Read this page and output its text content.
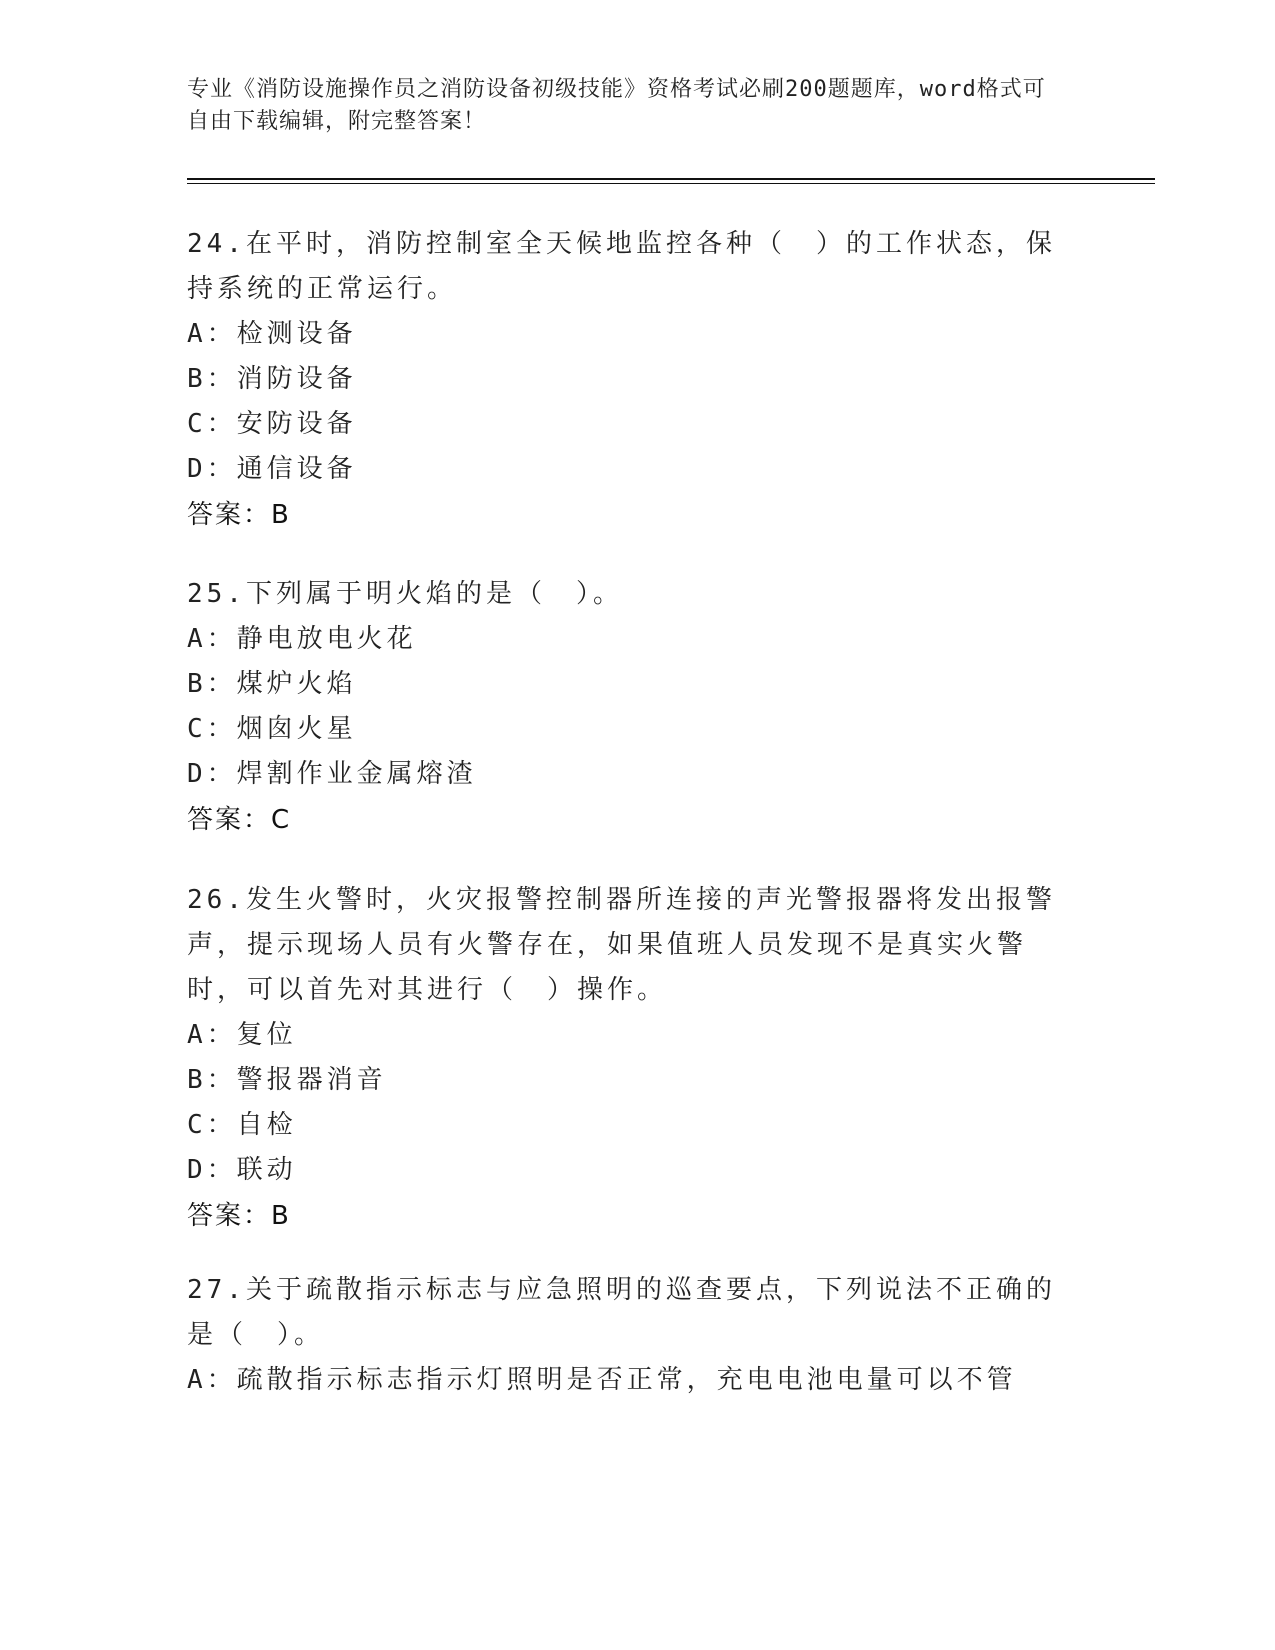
专业《消防设施操作员之消防设备初级技能》资格考试必刷200题题库，word格式可自由下载编辑，附完整答案！

24.在平时，消防控制室全天候地监控各种（　）的工作状态，保持系统的正常运行。

A：检测设备

B：消防设备

C：安防设备

D：通信设备

答案：B

25.下列属于明火焰的是（　）。

A：静电放电火花

B：煤炉火焰

C：烟囱火星

D：焊割作业金属熔渣

答案：C

26.发生火警时，火灾报警控制器所连接的声光警报器将发出报警声，提示现场人员有火警存在，如果值班人员发现不是真实火警时，可以首先对其进行（　）操作。

A：复位

B：警报器消音

C：自检

D：联动

答案：B

27.关于疏散指示标志与应急照明的巡查要点，下列说法不正确的是（　）。

A：疏散指示标志指示灯照明是否正常，充电电池电量可以不管
